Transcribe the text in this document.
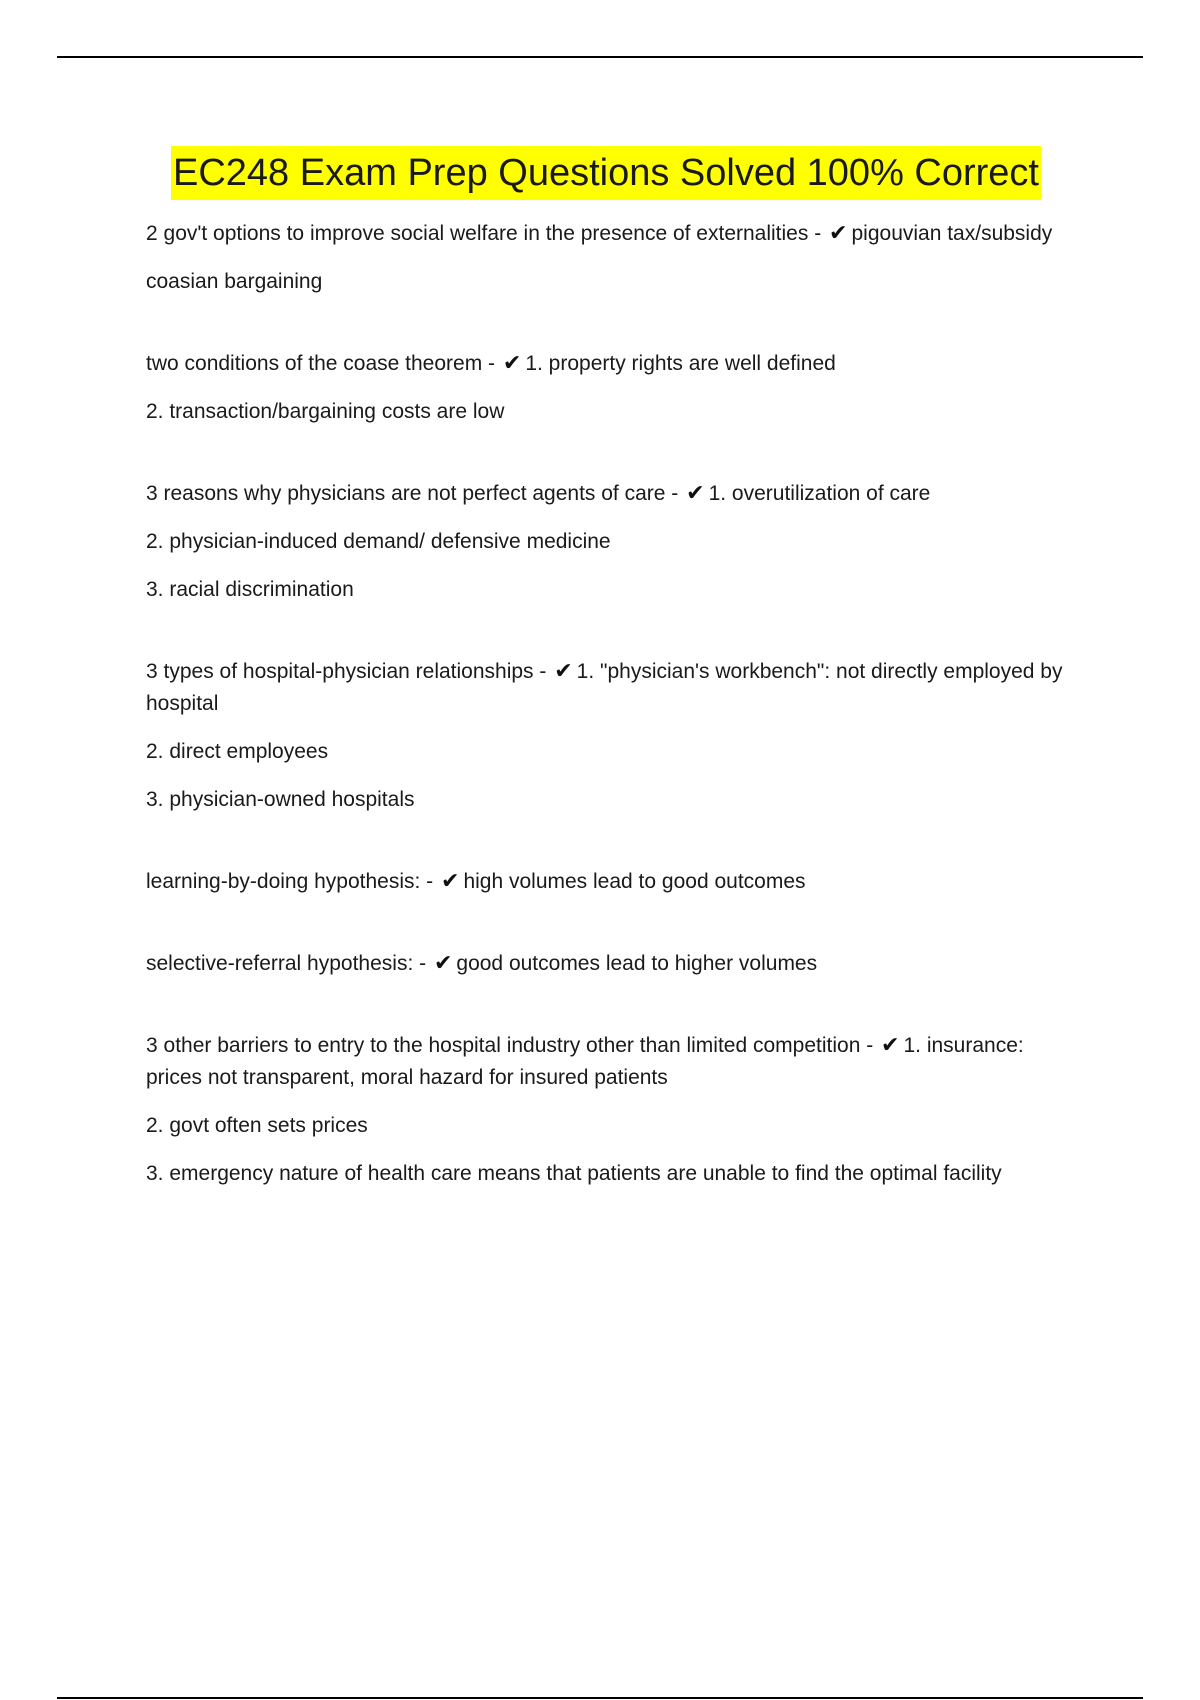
EC248 Exam Prep Questions Solved 100% Correct
2 gov't options to improve social welfare in the presence of externalities - ✔ pigouvian tax/subsidy
coasian bargaining
two conditions of the coase theorem - ✔ 1. property rights are well defined
2. transaction/bargaining costs are low
3 reasons why physicians are not perfect agents of care - ✔ 1. overutilization of care
2. physician-induced demand/ defensive medicine
3. racial discrimination
3 types of hospital-physician relationships - ✔ 1. "physician's workbench": not directly employed by hospital
2. direct employees
3. physician-owned hospitals
learning-by-doing hypothesis: - ✔ high volumes lead to good outcomes
selective-referral hypothesis: - ✔ good outcomes lead to higher volumes
3 other barriers to entry to the hospital industry other than limited competition - ✔ 1. insurance: prices not transparent, moral hazard for insured patients
2. govt often sets prices
3. emergency nature of health care means that patients are unable to find the optimal facility
